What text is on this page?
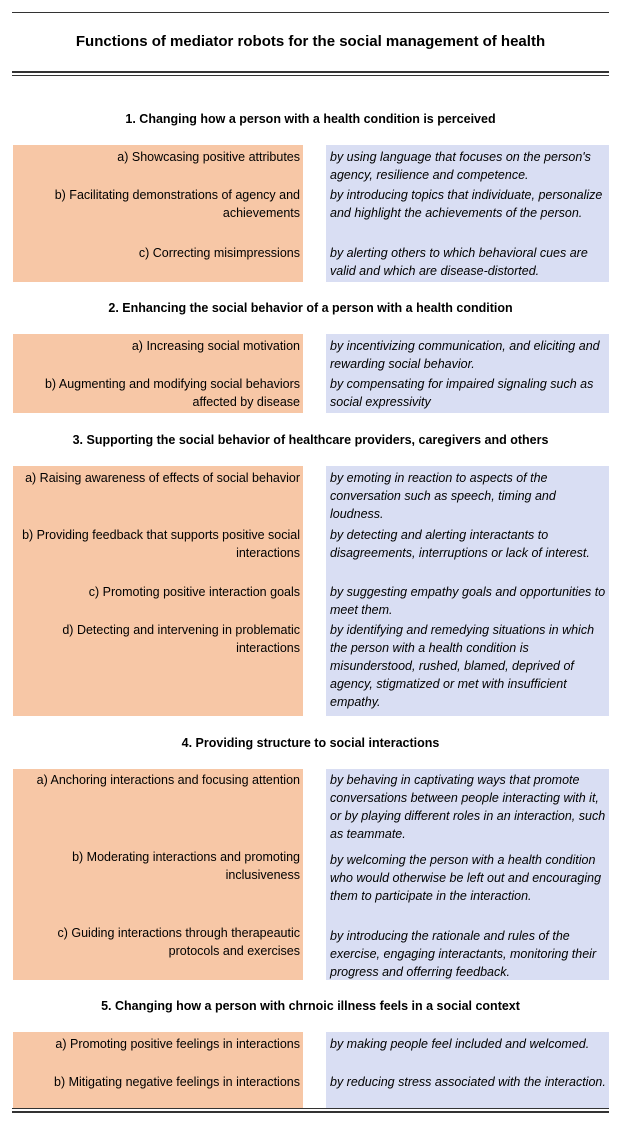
Functions of mediator robots for the social management of health
1. Changing how a person with a health condition is perceived
a) Showcasing positive attributes by using language that focuses on the person's agency, resilience and competence.
b) Facilitating demonstrations of agency and achievements
by introducing topics that individuate, personalize and highlight the achievements of the person.
c) Correcting misimpressions by alerting others to which behavioral cues are valid and which are disease-distorted.
2. Enhancing the social behavior of a person with a health condition
a) Increasing social motivation by incentivizing communication, and eliciting and rewarding social behavior.
b) Augmenting and modifying social behaviors affected by disease
by compensating for impaired signaling such as social expressivity
3. Supporting the social behavior of healthcare providers, caregivers and others
a) Raising awareness of effects of social behavior by emoting in reaction to aspects of the conversation such as speech, timing and loudness.
b) Providing feedback that supports positive social interactions
by detecting and alerting interactants to disagreements, interruptions or lack of interest.
c) Promoting positive interaction goals by suggesting empathy goals and opportunities to meet them.
d) Detecting and intervening in problematic interactions
by identifying and remedying situations in which the person with a health condition is misunderstood, rushed, blamed, deprived of agency, stigmatized or met with insufficient empathy.
4. Providing structure to social interactions
a) Anchoring interactions and focusing attention by behaving in captivating ways that promote conversations between people interacting with it, or by playing different roles in an interaction, such as teammate.
b) Moderating interactions and promoting inclusiveness
by welcoming the person with a health condition who would otherwise be left out and encouraging them to participate in the interaction.
c) Guiding interactions through therapeautic protocols and exercises
by introducing the rationale and rules of the exercise, engaging interactants, monitoring their progress and offerring feedback.
5. Changing how a person with chrnoic illness feels in a social context
a) Promoting positive feelings in interactions by making people feel included and welcomed.
b) Mitigating negative feelings in interactions by reducing stress associated with the interaction.
